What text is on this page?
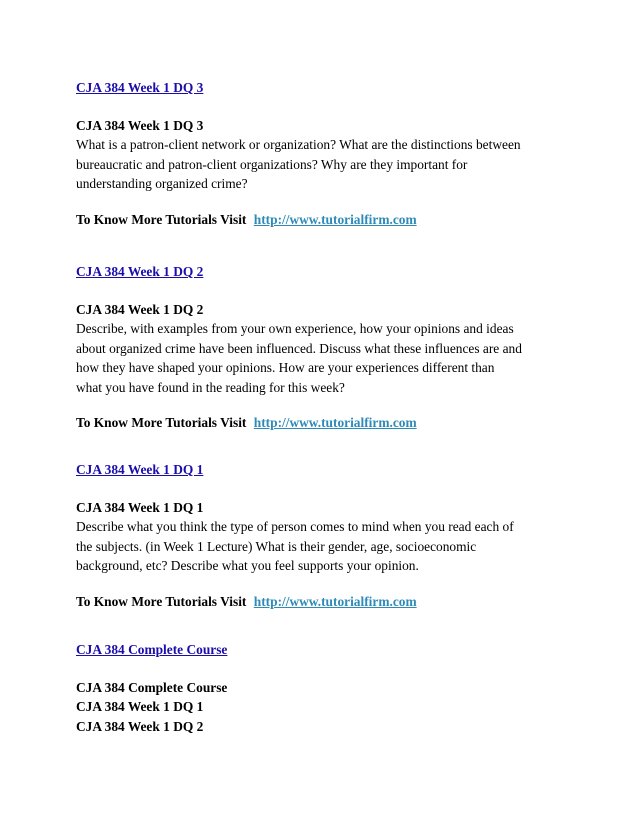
CJA 384 Week 1 DQ 3

CJA 384 Week 1 DQ 3

What is a patron-client network or organization? What are the distinctions between
bureaucratic and patron-client organizations? Why are they important for
understanding organized crime?

To Know More Tutorials Visit http://www.tutorialfirm.com

CJA 384 Week 1 DQ 2

CJA 384 Week 1 DQ 2

Describe, with examples from your own experience, how your opinions and ideas
about organized crime have been influenced. Discuss what these influences are and
how they have shaped your opinions. How are your experiences different than
what you have found in the reading for this week?

To Know More Tutorials Visit http://www.tutorialfirm.com

CJA 384 Week 1 DQ 1

CJA 384 Week 1 DQ 1

Describe what you think the type of person comes to mind when you read each of
the subjects. (in Week 1 Lecture) What is their gender, age, socioeconomic
background, etc? Describe what you feel supports your opinion.

To Know More Tutorials Visit http://www.tutorialfirm.com

CJA 384 Complete Course

CJA 384 Complete Course

CJA 384 Week 1 DQ 1

CJA 384 Week 1 DQ 2
